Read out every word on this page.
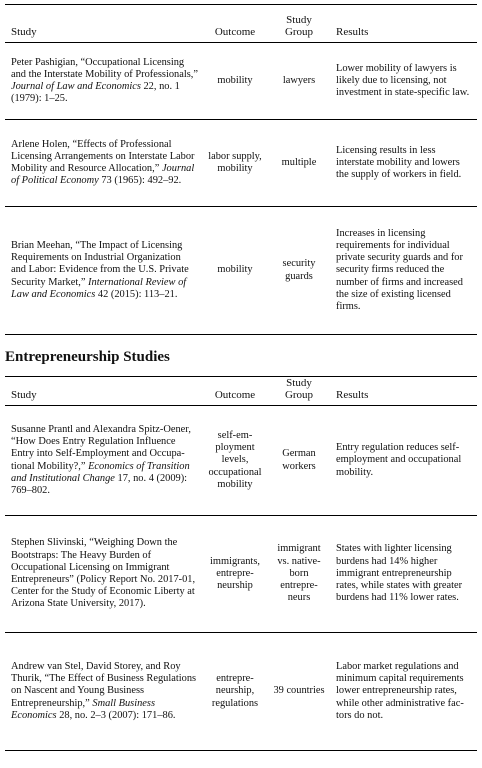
Study	Outcome	Study Group	Results
Peter Pashigian, “Occupational Licensing and the Interstate Mobility of Professionals,” Journal of Law and Economics 22, no. 1 (1979): 1–25.	mobility	lawyers	Lower mobility of lawyers is likely due to licensing, not investment in state-specific law.
Arlene Holen, “Effects of Professional Licensing Arrangements on Interstate Labor Mobility and Resource Allocation,” Journal of Political Economy 73 (1965): 492–92.	labor supply, mobility	multiple	Licensing results in less interstate mobility and lowers the supply of workers in field.
Brian Meehan, “The Impact of Licensing Requirements on Industrial Organization and Labor: Evidence from the U.S. Private Security Market,” International Review of Law and Economics 42 (2015): 113–21.	mobility	security guards	Increases in licensing requirements for individual private security guards and for security firms reduced the number of firms and increased the size of existing licensed firms.
Entrepreneurship Studies
Study	Outcome	Study Group	Results
Susanne Prantl and Alexandra Spitz-Oener, “How Does Entry Regulation Influence Entry into Self-Employment and Occupational Mobility?,” Economics of Transition and Institutional Change 17, no. 4 (2009): 769–802.	self-employment levels, occupational mobility	German workers	Entry regulation reduces self-employment and occupational mobility.
Stephen Slivinski, “Weighing Down the Bootstraps: The Heavy Burden of Occupational Licensing on Immigrant Entrepreneurs” (Policy Report No. 2017-01, Center for the Study of Economic Liberty at Arizona State University, 2017).	immigrants, entrepreneurship	immigrant vs. native-born entrepreneurs	States with lighter licensing burdens had 14% higher immigrant entrepreneurship rates, while states with greater burdens had 11% lower rates.
Andrew van Stel, David Storey, and Roy Thurik, “The Effect of Business Regulations on Nascent and Young Business Entrepreneurship,” Small Business Economics 28, no. 2–3 (2007): 171–86.	entrepreneurship, regulations	39 countries	Labor market regulations and minimum capital requirements lower entrepreneurship rates, while other administrative factors do not.
